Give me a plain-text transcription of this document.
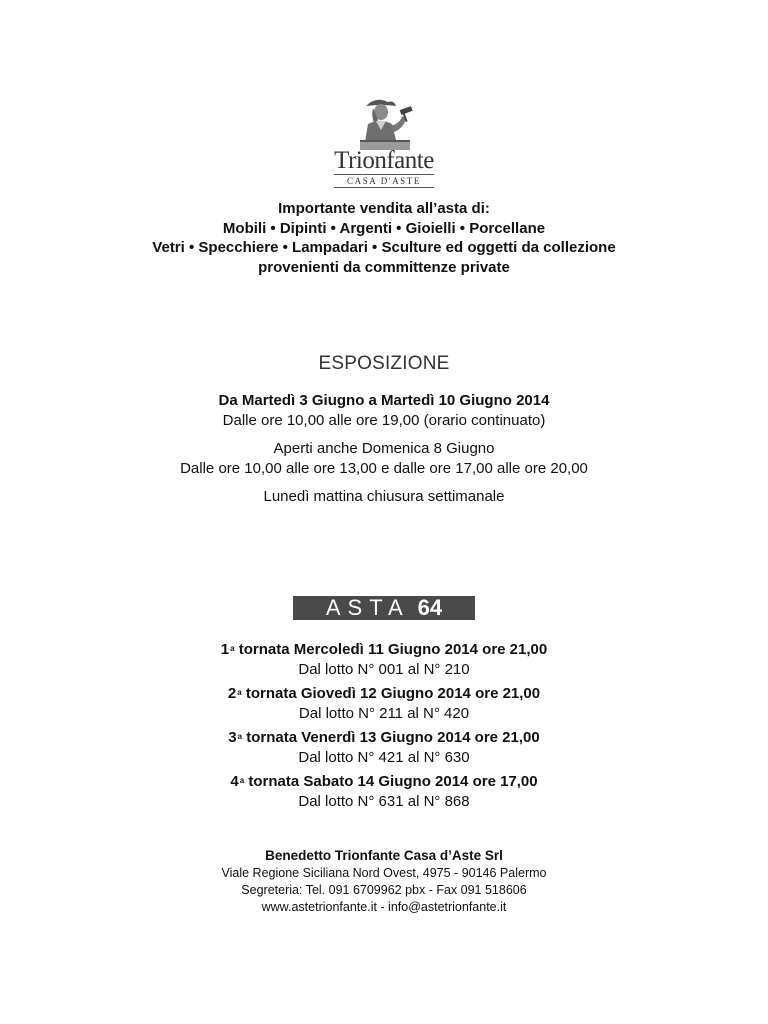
Trionfante
CASA D'ASTE
Importante vendita all’asta di:
Mobili • Dipinti • Argenti • Gioielli • Porcellane
Vetri • Specchiere • Lampadari • Sculture ed oggetti da collezione
provenienti da committenze private
ESPOSIZIONE
Da Martedì 3 Giugno a Martedì 10 Giugno 2014
Dalle ore 10,00 alle ore 19,00 (orario continuato)
Aperti anche Domenica 8 Giugno
Dalle ore 10,00 alle ore 13,00 e dalle ore 17,00 alle ore 20,00
Lunedì mattina chiusura settimanale
ASTA 64
1$^a$ tornata Mercoledì 11 Giugno 2014 ore 21,00
Dal lotto N° 001 al N° 210
2$^a$ tornata Giovedì 12 Giugno 2014 ore 21,00
Dal lotto N° 211 al N° 420
3$^a$ tornata Venerdì 13 Giugno 2014 ore 21,00
Dal lotto N° 421 al N° 630
4$^a$ tornata Sabato 14 Giugno 2014 ore 17,00
Dal lotto N° 631 al N° 868
Benedetto Trionfante Casa d’Aste Srl
Viale Regione Siciliana Nord Ovest, 4975 - 90146 Palermo
Segreteria: Tel. 091 6709962 pbx - Fax 091 518606
www.astetrionfante.it - info@astetrionfante.it
